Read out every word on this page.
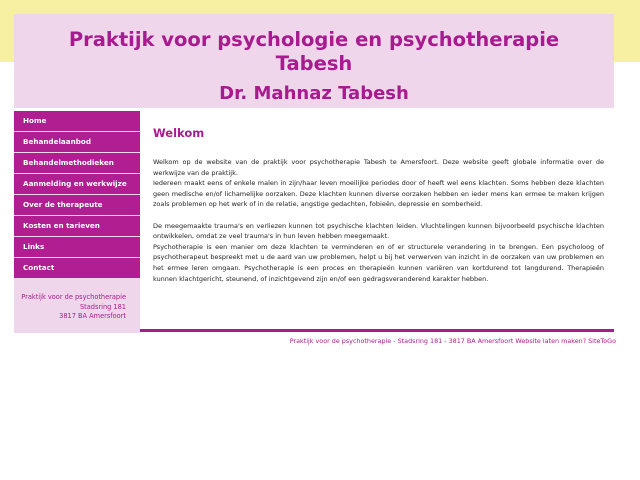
Praktijk voor psychologie en psychotherapie
Tabesh
Dr. Mahnaz Tabesh
Home
Behandelaanbod
Behandelmethodieken
Aanmelding en werkwijze
Over de therapeute
Kosten en tarieven
Links
Contact
Praktijk voor de psychotherapie
Stadsring 181
3817 BA Amersfoort
Welkom

Welkom op de website van de praktijk voor psychotherapie Tabesh te Amersfoort. Deze website geeft globale informatie over de werkwijze van de praktijk.

Iedereen maakt eens of enkele malen in zijn/haar leven moeilijke periodes door of heeft wel eens klachten. Soms hebben deze klachten geen medische en/of lichamelijke oorzaken. Deze klachten kunnen diverse oorzaken hebben en ieder mens kan ermee te maken krijgen zoals problemen op het werk of in de relatie, angstige gedachten, fobieën, depressie en somberheid.

De meegemaakte trauma's en verliezen kunnen tot psychische klachten leiden. Vluchtelingen kunnen bijvoorbeeld psychische klachten ontwikkelen, omdat ze veel trauma's in hun leven hebben meegemaakt.

Psychotherapie is een manier om deze klachten te verminderen en of er structurele verandering in te brengen. Een psycholoog of psychotherapeut bespreekt met u de aard van uw problemen, helpt u bij het verwerven van inzicht in de oorzaken van uw problemen en het ermee leren omgaan. Psychotherapie is een proces en therapieën kunnen variëren van kortdurend tot langdurend. Therapieën kunnen klachtgericht, steunend, of inzichtgevend zijn en/of een gedragsveranderend karakter hebben.

Praktijk voor de psychotherapie - Stadsring 181 - 3817 BA Amersfoort Website laten maken? SiteToGo
